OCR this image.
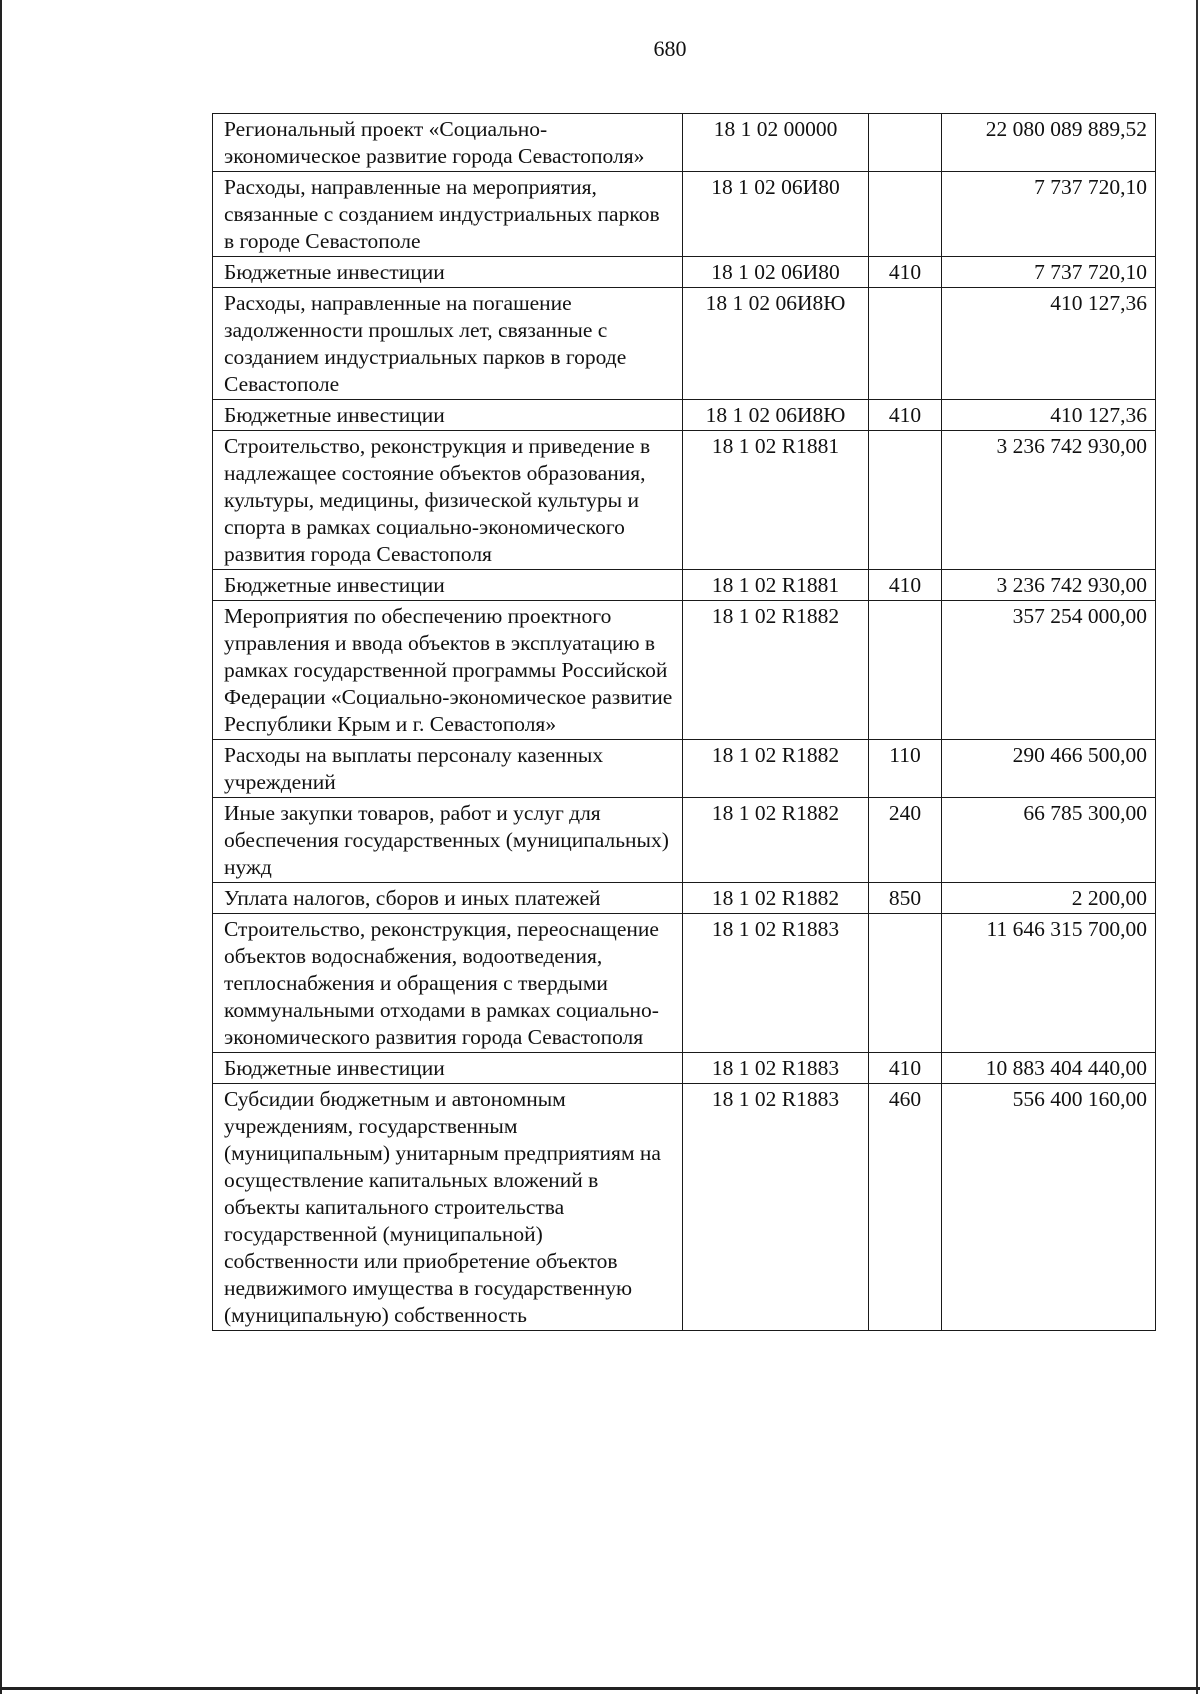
680
Региональный проект «Социально-экономическое развитие города Севастополя»	18 1 02 00000		22 080 089 889,52
Расходы, направленные на мероприятия, связанные с созданием индустриальных парков в городе Севастополе	18 1 02 06И80		7 737 720,10
Бюджетные инвестиции	18 1 02 06И80	410	7 737 720,10
Расходы, направленные на погашение задолженности прошлых лет, связанные с созданием индустриальных парков в городе Севастополе	18 1 02 06И8Ю		410 127,36
Бюджетные инвестиции	18 1 02 06И8Ю	410	410 127,36
Строительство, реконструкция и приведение в надлежащее состояние объектов образования, культуры, медицины, физической культуры и спорта в рамках социально-экономического развития города Севастополя	18 1 02 R1881		3 236 742 930,00
Бюджетные инвестиции	18 1 02 R1881	410	3 236 742 930,00
Мероприятия по обеспечению проектного управления и ввода объектов в эксплуатацию в рамках государственной программы Российской Федерации «Социально-экономическое развитие Республики Крым и г. Севастополя»	18 1 02 R1882		357 254 000,00
Расходы на выплаты персоналу казенных учреждений	18 1 02 R1882	110	290 466 500,00
Иные закупки товаров, работ и услуг для обеспечения государственных (муниципальных) нужд	18 1 02 R1882	240	66 785 300,00
Уплата налогов, сборов и иных платежей	18 1 02 R1882	850	2 200,00
Строительство, реконструкция, переоснащение объектов водоснабжения, водоотведения, теплоснабжения и обращения с твердыми коммунальными отходами в рамках социально-экономического развития города Севастополя	18 1 02 R1883		11 646 315 700,00
Бюджетные инвестиции	18 1 02 R1883	410	10 883 404 440,00
Субсидии бюджетным и автономным учреждениям, государственным (муниципальным) унитарным предприятиям на осуществление капитальных вложений в объекты капитального строительства государственной (муниципальной) собственности или приобретение объектов недвижимого имущества в государственную (муниципальную) собственность	18 1 02 R1883	460	556 400 160,00
